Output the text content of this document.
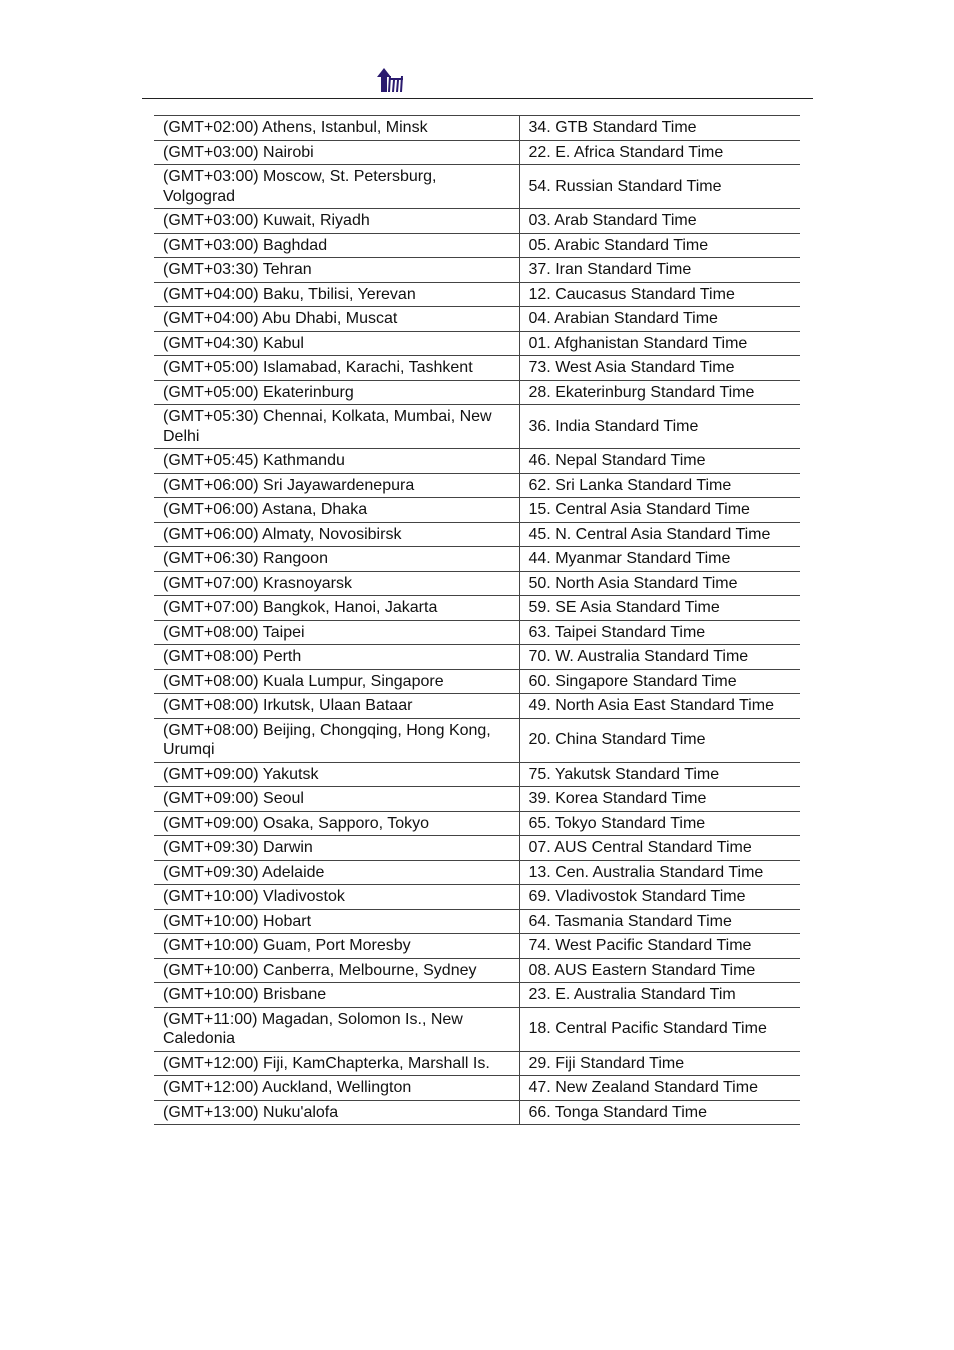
(GMT+02:00) Athens, Istanbul, Minsk	34. GTB Standard Time
(GMT+03:00) Nairobi	22. E. Africa Standard Time
(GMT+03:00) Moscow, St. Petersburg, Volgograd	54. Russian Standard Time
(GMT+03:00) Kuwait, Riyadh	03. Arab Standard Time
(GMT+03:00) Baghdad	05. Arabic Standard Time
(GMT+03:30) Tehran	37. Iran Standard Time
(GMT+04:00) Baku, Tbilisi, Yerevan	12. Caucasus Standard Time
(GMT+04:00) Abu Dhabi, Muscat	04. Arabian Standard Time
(GMT+04:30) Kabul	01. Afghanistan Standard Time
(GMT+05:00) Islamabad, Karachi, Tashkent	73. West Asia Standard Time
(GMT+05:00) Ekaterinburg	28. Ekaterinburg Standard Time
(GMT+05:30) Chennai, Kolkata, Mumbai, New Delhi	36. India Standard Time
(GMT+05:45) Kathmandu	46. Nepal Standard Time
(GMT+06:00) Sri Jayawardenepura	62. Sri Lanka Standard Time
(GMT+06:00) Astana, Dhaka	15. Central Asia Standard Time
(GMT+06:00) Almaty, Novosibirsk	45. N. Central Asia Standard Time
(GMT+06:30) Rangoon	44. Myanmar Standard Time
(GMT+07:00) Krasnoyarsk	50. North Asia Standard Time
(GMT+07:00) Bangkok, Hanoi, Jakarta	59. SE Asia Standard Time
(GMT+08:00) Taipei	63. Taipei Standard Time
(GMT+08:00) Perth	70. W. Australia Standard Time
(GMT+08:00) Kuala Lumpur, Singapore	60. Singapore Standard Time
(GMT+08:00) Irkutsk, Ulaan Bataar	49. North Asia East Standard Time
(GMT+08:00) Beijing, Chongqing, Hong Kong, Urumqi	20. China Standard Time
(GMT+09:00) Yakutsk	75. Yakutsk Standard Time
(GMT+09:00) Seoul	39. Korea Standard Time
(GMT+09:00) Osaka, Sapporo, Tokyo	65. Tokyo Standard Time
(GMT+09:30) Darwin	07. AUS Central Standard Time
(GMT+09:30) Adelaide	13. Cen. Australia Standard Time
(GMT+10:00) Vladivostok	69. Vladivostok Standard Time
(GMT+10:00) Hobart	64. Tasmania Standard Time
(GMT+10:00) Guam, Port Moresby	74. West Pacific Standard Time
(GMT+10:00) Canberra, Melbourne, Sydney	08. AUS Eastern Standard Time
(GMT+10:00) Brisbane	23. E. Australia Standard Tim
(GMT+11:00) Magadan, Solomon Is., New Caledonia	18. Central Pacific Standard Time
(GMT+12:00) Fiji, KamChapterka, Marshall Is.	29. Fiji Standard Time
(GMT+12:00) Auckland, Wellington	47. New Zealand Standard Time
(GMT+13:00) Nuku'alofa	66. Tonga Standard Time
